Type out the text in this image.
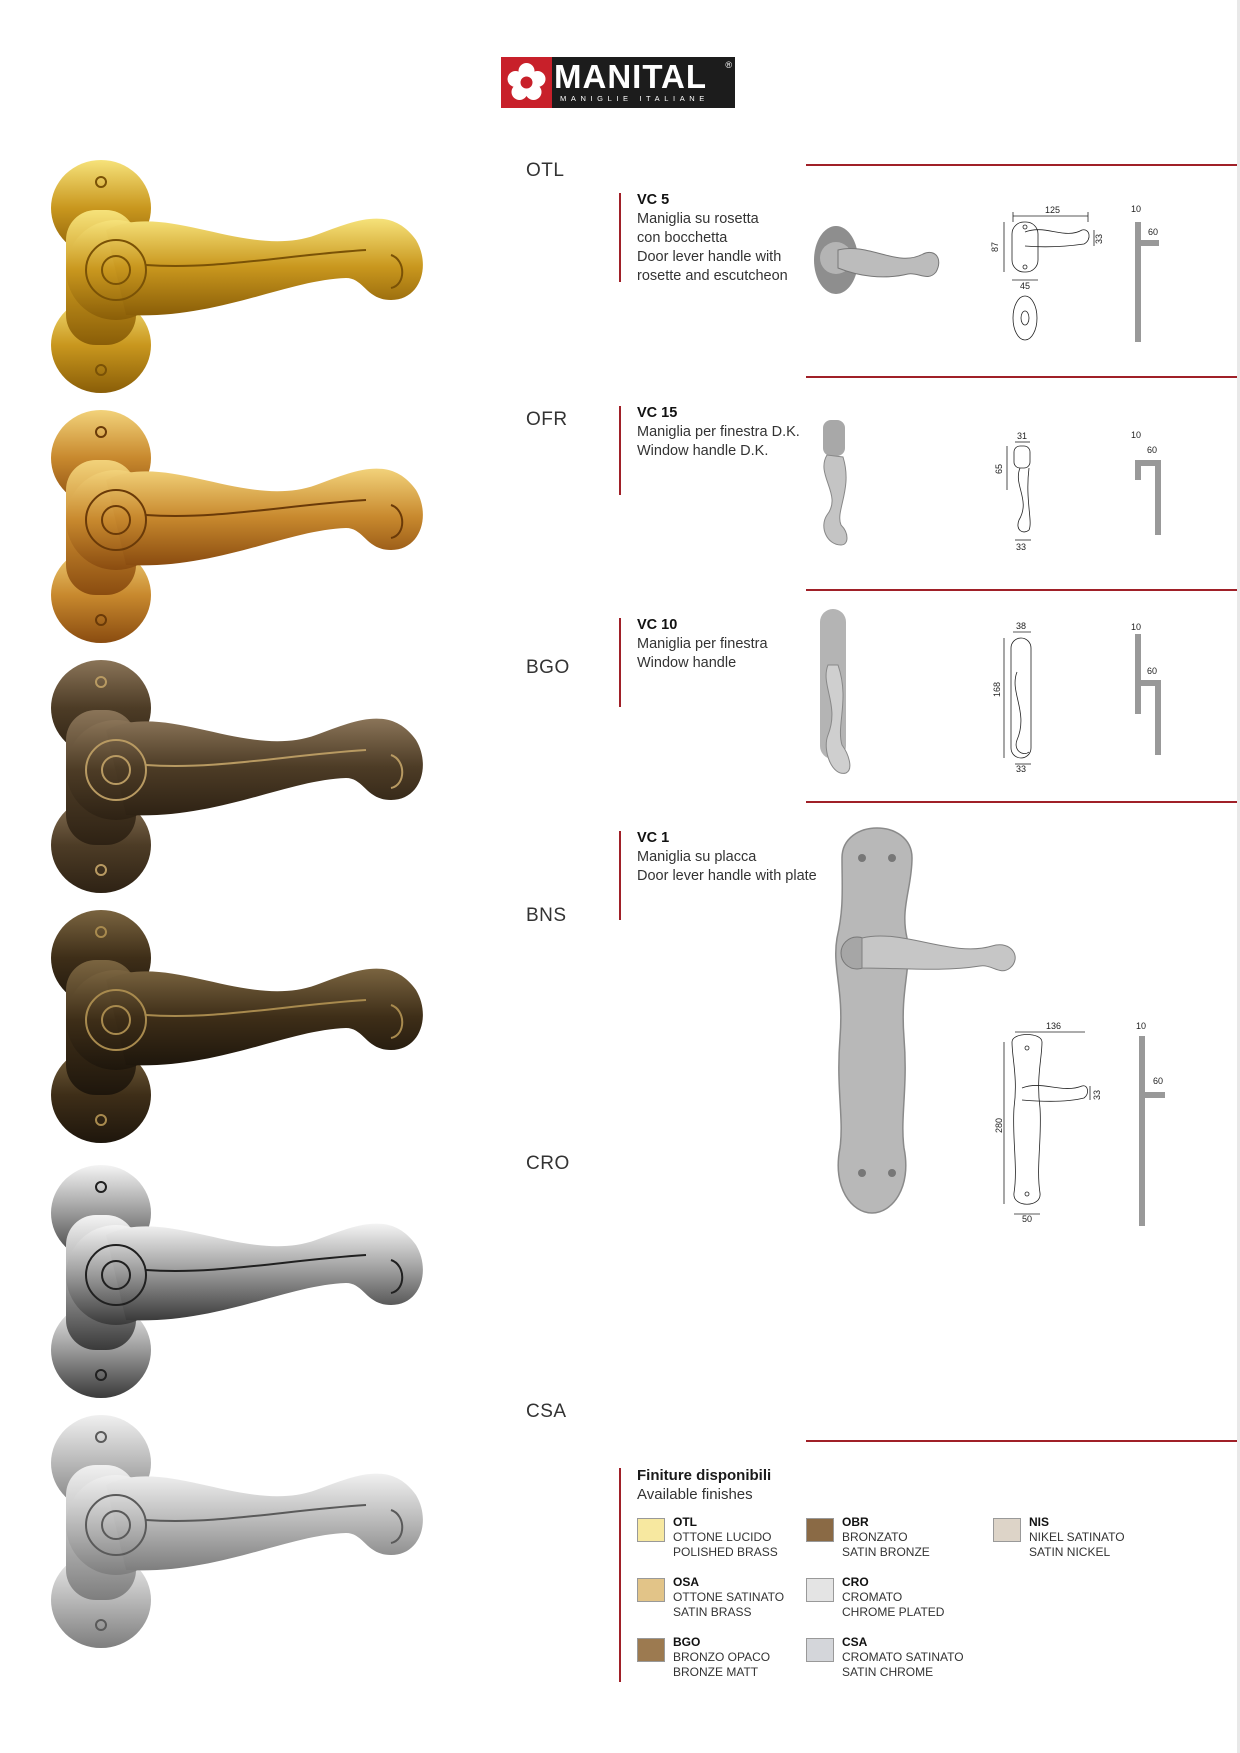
MANITAL ®
MANIGLIE ITALIANE
OTL
OFR
BGO
BNS
CRO
CSA
VC 5
Maniglia su rosetta
con bocchetta
Door lever handle with
rosette and escutcheon
125
87
33
45
10
60
VC 15
Maniglia per finestra D.K.
Window handle D.K.
31
65
33
10
60
VC 10
Maniglia per finestra
Window handle
38
168
33
10
60
VC 1
Maniglia su placca
Door lever handle with plate
136
280
33
50
10
60
Finiture disponibili
Available finishes
OTL
OTTONE LUCIDO
POLISHED BRASS
OBR
BRONZATO
SATIN BRONZE
NIS
NIKEL SATINATO
SATIN NICKEL
OSA
OTTONE SATINATO
SATIN BRASS
CRO
CROMATO
CHROME PLATED
BGO
BRONZO OPACO
BRONZE MATT
CSA
CROMATO SATINATO
SATIN CHROME
